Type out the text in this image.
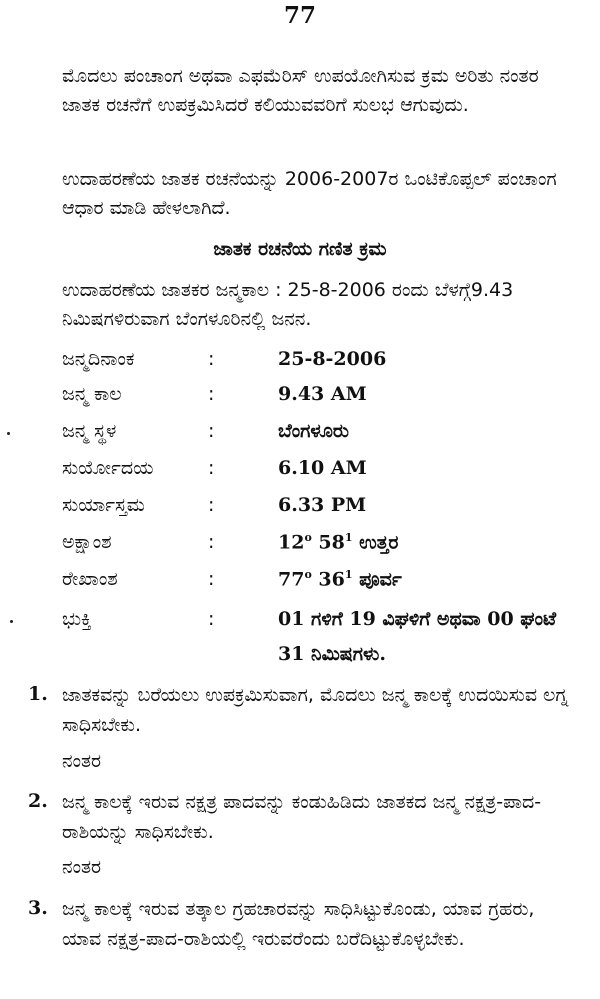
77
ಮೊದಲು ಪಂಚಾಂಗ ಅಥವಾ ಎಫಮೆರಿಸ್ ಉಪಯೋಗಿಸುವ ಕ್ರಮ ಅರಿತು ನಂತರ ಜಾತಕ ರಚನೆಗೆ ಉಪಕ್ರಮಿಸಿದರೆ ಕಲಿಯುವವರಿಗೆ ಸುಲಭ ಆಗುವುದು.
ಉದಾಹರಣೆಯ ಜಾತಕ ರಚನೆಯನ್ನು 2006-2007ರ ಒಂಟಿಕೊಪ್ಪಲ್ ಪಂಚಾಂಗ ಆಧಾರ ಮಾಡಿ ಹೇಳಲಾಗಿದೆ.
ಜಾತಕ ರಚನೆಯ ಗಣಿತ ಕ್ರಮ
ಉದಾಹರಣೆಯ ಜಾತಕರ ಜನ್ಮಕಾಲ : 25-8-2006 ರಂದು ಬೆಳಗ್ಗೆ9.43 ನಿಮಿಷಗಳಿರುವಾಗ ಬೆಂಗಳೂರಿನಲ್ಲಿ ಜನನ.
ಜನ್ಮದಿನಾಂಕ	:	25-8-2006
ಜನ್ಮ ಕಾಲ	:	9.43 AM
ಜನ್ಮ ಸ್ಥಳ	:	ಬೆಂಗಳೂರು
ಸುರ್ಯೋದಯ	:	6.10 AM
ಸುರ್ಯಾಸ್ತಮ	:	6.33 PM
ಅಕ್ಷಾಂಶ	:	12$^o$ $58^1$ ಉತ್ತರ
ರೇಖಾಂಶ	:	77$^o$ $36^1$ ಪೂರ್ವ
ಭುಕ್ತಿ	:	01 ಗಳಿಗೆ 19 ವಿಘಳಿಗೆ ಅಥವಾ 00 ಘಂಟೆ
31 ನಿಮಿಷಗಳು.
1. ಜಾತಕವನ್ನು ಬರೆಯಲು ಉಪಕ್ರಮಿಸುವಾಗ, ಮೊದಲು ಜನ್ಮ ಕಾಲಕ್ಕೆ ಉದಯಿಸುವ ಲಗ್ನ ಸಾಧಿಸಬೇಕು.
ನಂತರ
2. ಜನ್ಮ ಕಾಲಕ್ಕೆ ಇರುವ ನಕ್ಷತ್ರ ಪಾದವನ್ನು ಕಂಡುಹಿಡಿದು ಜಾತಕದ ಜನ್ಮ ನಕ್ಷತ್ರ-ಪಾದ-ರಾಶಿಯನ್ನು ಸಾಧಿಸಬೇಕು.
ನಂತರ
3. ಜನ್ಮ ಕಾಲಕ್ಕೆ ಇರುವ ತತ್ಕಾಲ ಗ್ರಹಚಾರವನ್ನು ಸಾಧಿಸಿಟ್ಟುಕೊಂಡು, ಯಾವ ಗ್ರಹರು, ಯಾವ ನಕ್ಷತ್ರ-ಪಾದ-ರಾಶಿಯಲ್ಲಿ ಇರುವರೆಂದು ಬರೆದಿಟ್ಟುಕೊಳ್ಳಬೇಕು.
